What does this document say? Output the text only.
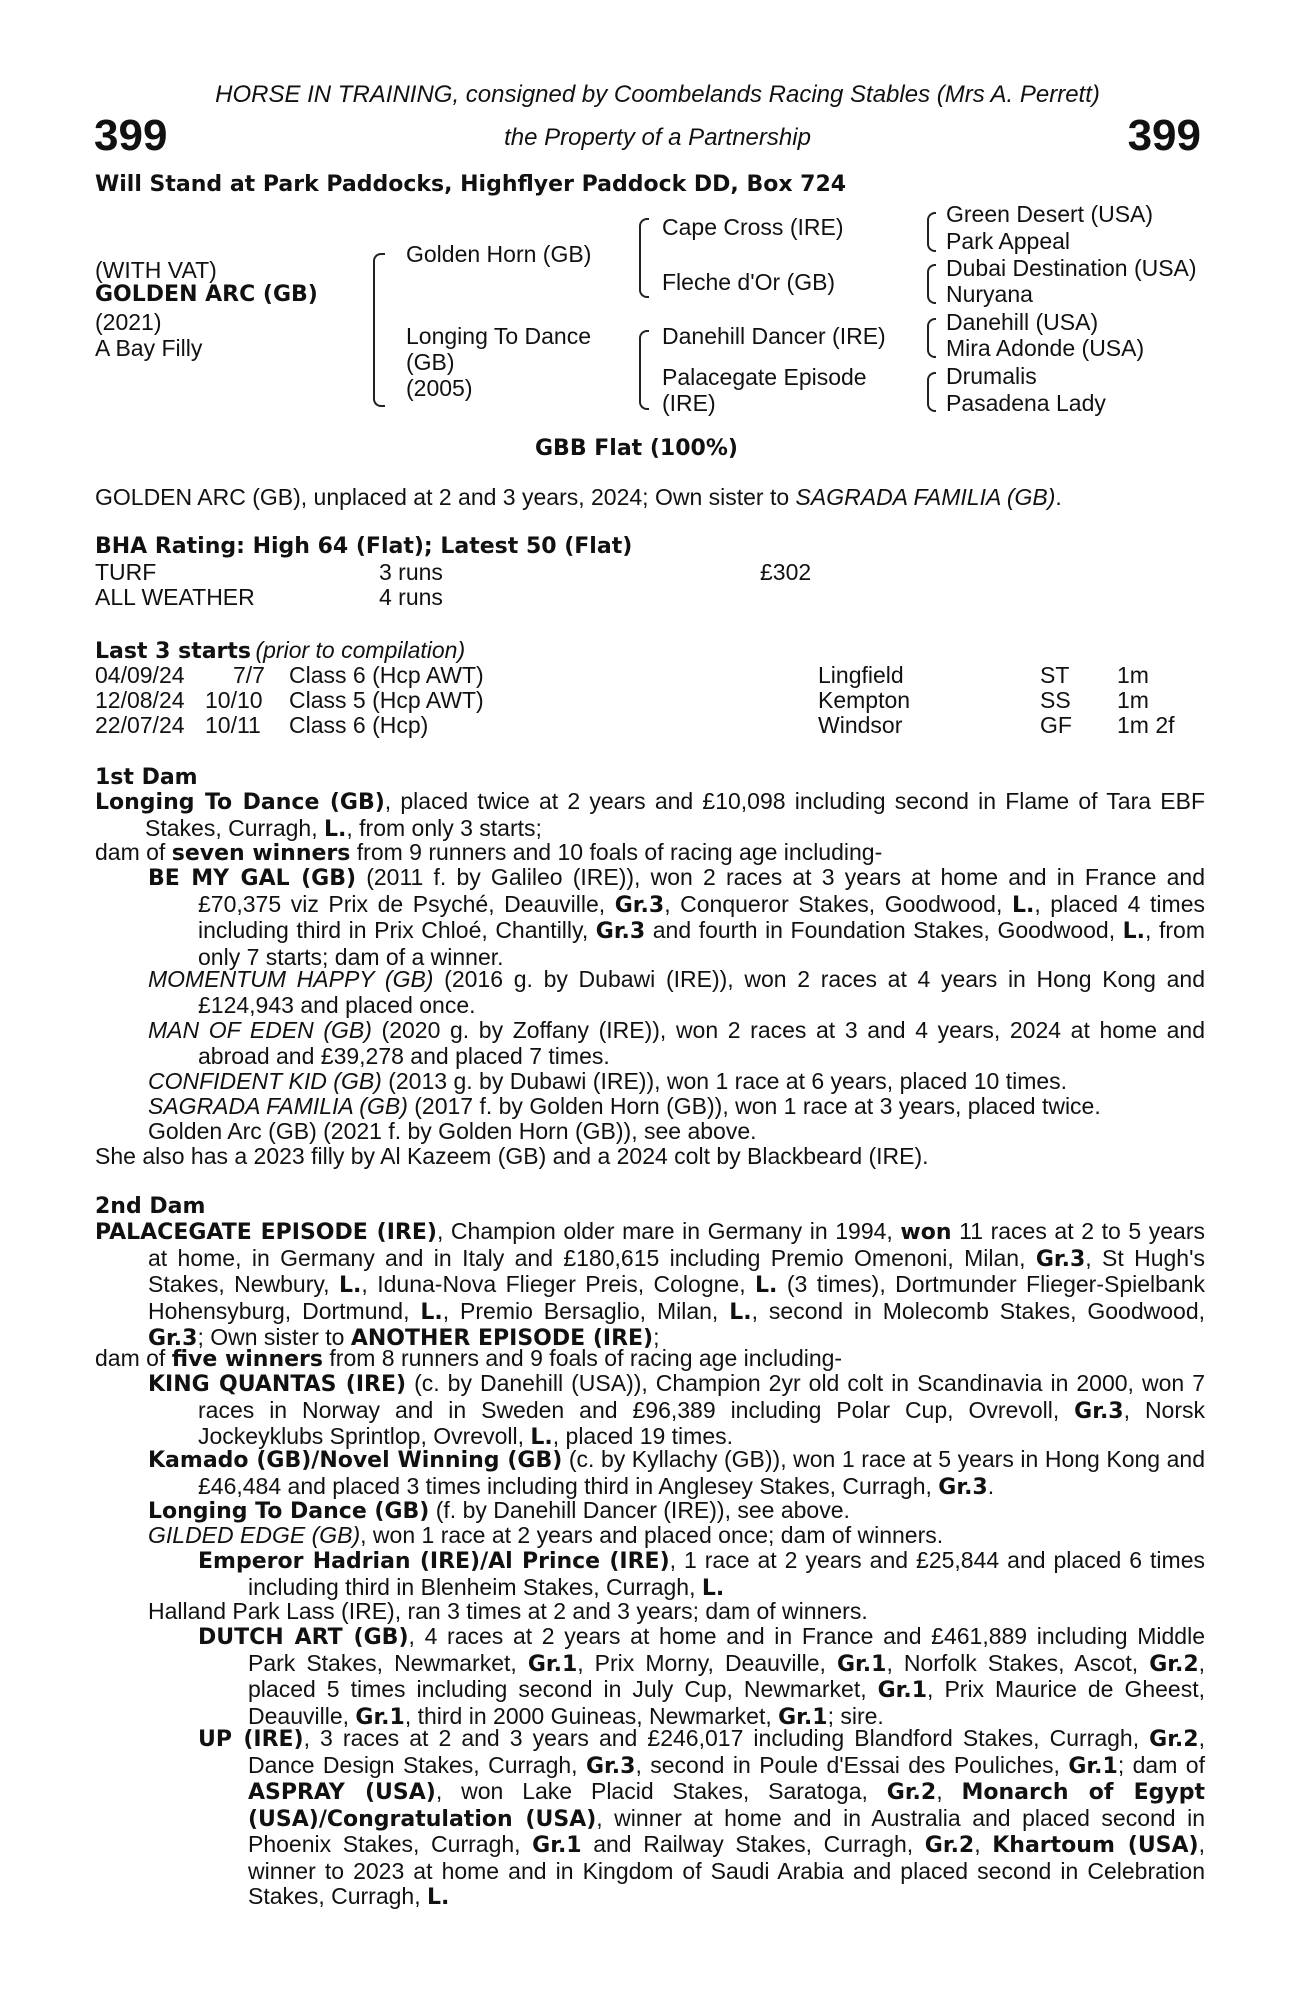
HORSE IN TRAINING, consigned by Coombelands Racing Stables (Mrs A. Perrett)
399	the Property of a Partnership	399
Will Stand at Park Paddocks, Highflyer Paddock DD, Box 724
(WITH VAT)
GOLDEN ARC (GB)
(2021)
A Bay Filly
Golden Horn (GB)
Longing To Dance
(GB)
(2005)
Cape Cross (IRE)
Fleche d'Or (GB)
Danehill Dancer (IRE)
Palacegate Episode
(IRE)
Green Desert (USA)
Park Appeal
Dubai Destination (USA)
Nuryana
Danehill (USA)
Mira Adonde (USA)
Drumalis
Pasadena Lady
GBB Flat (100%)
GOLDEN ARC (GB), unplaced at 2 and 3 years, 2024; Own sister to SAGRADA FAMILIA (GB).
BHA Rating: High 64 (Flat); Latest 50 (Flat)
TURF	3 runs	£302
ALL WEATHER	4 runs
Last 3 starts (prior to compilation)
04/09/24 7/7 Class 6 (Hcp AWT)	Lingfield	ST 1m
12/08/24 10/10 Class 5 (Hcp AWT)	Kempton	SS 1m
22/07/24 10/11 Class 6 (Hcp)	Windsor	GF 1m 2f
1st Dam
Longing To Dance (GB), placed twice at 2 years and £10,098 including second in Flame of Tara EBF Stakes, Curragh, L., from only 3 starts;
dam of seven winners from 9 runners and 10 foals of racing age including-
BE MY GAL (GB) (2011 f. by Galileo (IRE)), won 2 races at 3 years at home and in France and £70,375 viz Prix de Psyché, Deauville, Gr.3, Conqueror Stakes, Goodwood, L., placed 4 times including third in Prix Chloé, Chantilly, Gr.3 and fourth in Foundation Stakes, Goodwood, L., from only 7 starts; dam of a winner.
MOMENTUM HAPPY (GB) (2016 g. by Dubawi (IRE)), won 2 races at 4 years in Hong Kong and £124,943 and placed once.
MAN OF EDEN (GB) (2020 g. by Zoffany (IRE)), won 2 races at 3 and 4 years, 2024 at home and abroad and £39,278 and placed 7 times.
CONFIDENT KID (GB) (2013 g. by Dubawi (IRE)), won 1 race at 6 years, placed 10 times.
SAGRADA FAMILIA (GB) (2017 f. by Golden Horn (GB)), won 1 race at 3 years, placed twice.
Golden Arc (GB) (2021 f. by Golden Horn (GB)), see above.
She also has a 2023 filly by Al Kazeem (GB) and a 2024 colt by Blackbeard (IRE).
2nd Dam
PALACEGATE EPISODE (IRE), Champion older mare in Germany in 1994, won 11 races at 2 to 5 years at home, in Germany and in Italy and £180,615 including Premio Omenoni, Milan, Gr.3, St Hugh's Stakes, Newbury, L., Iduna-Nova Flieger Preis, Cologne, L. (3 times), Dortmunder Flieger-Spielbank Hohensyburg, Dortmund, L., Premio Bersaglio, Milan, L., second in Molecomb Stakes, Goodwood, Gr.3; Own sister to ANOTHER EPISODE (IRE);
dam of five winners from 8 runners and 9 foals of racing age including-
KING QUANTAS (IRE) (c. by Danehill (USA)), Champion 2yr old colt in Scandinavia in 2000, won 7 races in Norway and in Sweden and £96,389 including Polar Cup, Ovrevoll, Gr.3, Norsk Jockeyklubs Sprintlop, Ovrevoll, L., placed 19 times.
Kamado (GB)/Novel Winning (GB) (c. by Kyllachy (GB)), won 1 race at 5 years in Hong Kong and £46,484 and placed 3 times including third in Anglesey Stakes, Curragh, Gr.3.
Longing To Dance (GB) (f. by Danehill Dancer (IRE)), see above.
GILDED EDGE (GB), won 1 race at 2 years and placed once; dam of winners.
Emperor Hadrian (IRE)/Al Prince (IRE), 1 race at 2 years and £25,844 and placed 6 times including third in Blenheim Stakes, Curragh, L.
Halland Park Lass (IRE), ran 3 times at 2 and 3 years; dam of winners.
DUTCH ART (GB), 4 races at 2 years at home and in France and £461,889 including Middle Park Stakes, Newmarket, Gr.1, Prix Morny, Deauville, Gr.1, Norfolk Stakes, Ascot, Gr.2, placed 5 times including second in July Cup, Newmarket, Gr.1, Prix Maurice de Gheest, Deauville, Gr.1, third in 2000 Guineas, Newmarket, Gr.1; sire.
UP (IRE), 3 races at 2 and 3 years and £246,017 including Blandford Stakes, Curragh, Gr.2, Dance Design Stakes, Curragh, Gr.3, second in Poule d'Essai des Pouliches, Gr.1; dam of ASPRAY (USA), won Lake Placid Stakes, Saratoga, Gr.2, Monarch of Egypt (USA)/Congratulation (USA), winner at home and in Australia and placed second in Phoenix Stakes, Curragh, Gr.1 and Railway Stakes, Curragh, Gr.2, Khartoum (USA), winner to 2023 at home and in Kingdom of Saudi Arabia and placed second in Celebration Stakes, Curragh, L.
